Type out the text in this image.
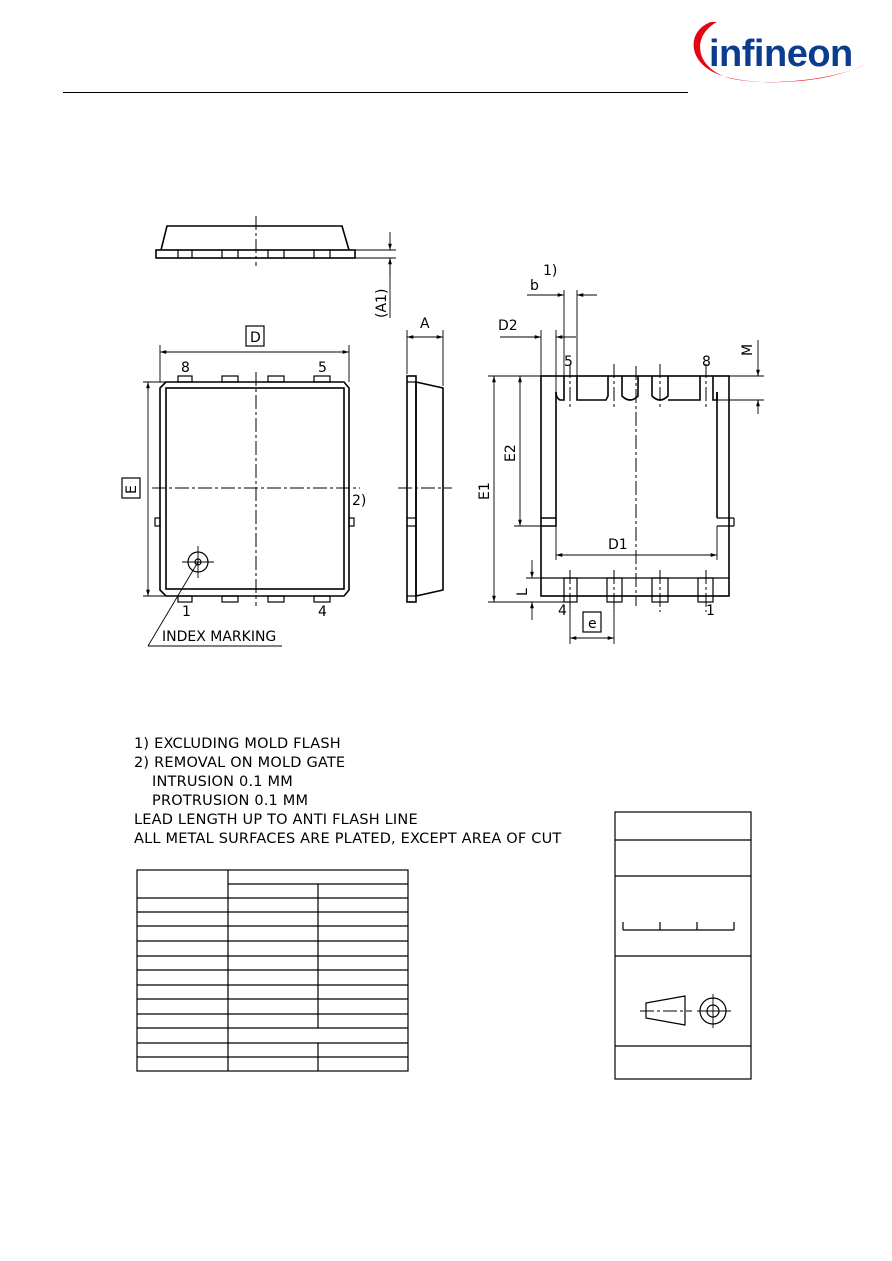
infineon
(A1)
INDEX MARKING
D
E
8	5
1	4
2)
A
b
1)
D2
M
5	8
E2
E1
D1
L
4	1
e
1) EXCLUDING MOLD FLASH
2) REMOVAL ON MOLD GATE
INTRUSION 0.1 MM
PROTRUSION 0.1 MM
LEAD LENGTH UP TO ANTI FLASH LINE
ALL METAL SURFACES ARE PLATED, EXCEPT AREA OF CUT
